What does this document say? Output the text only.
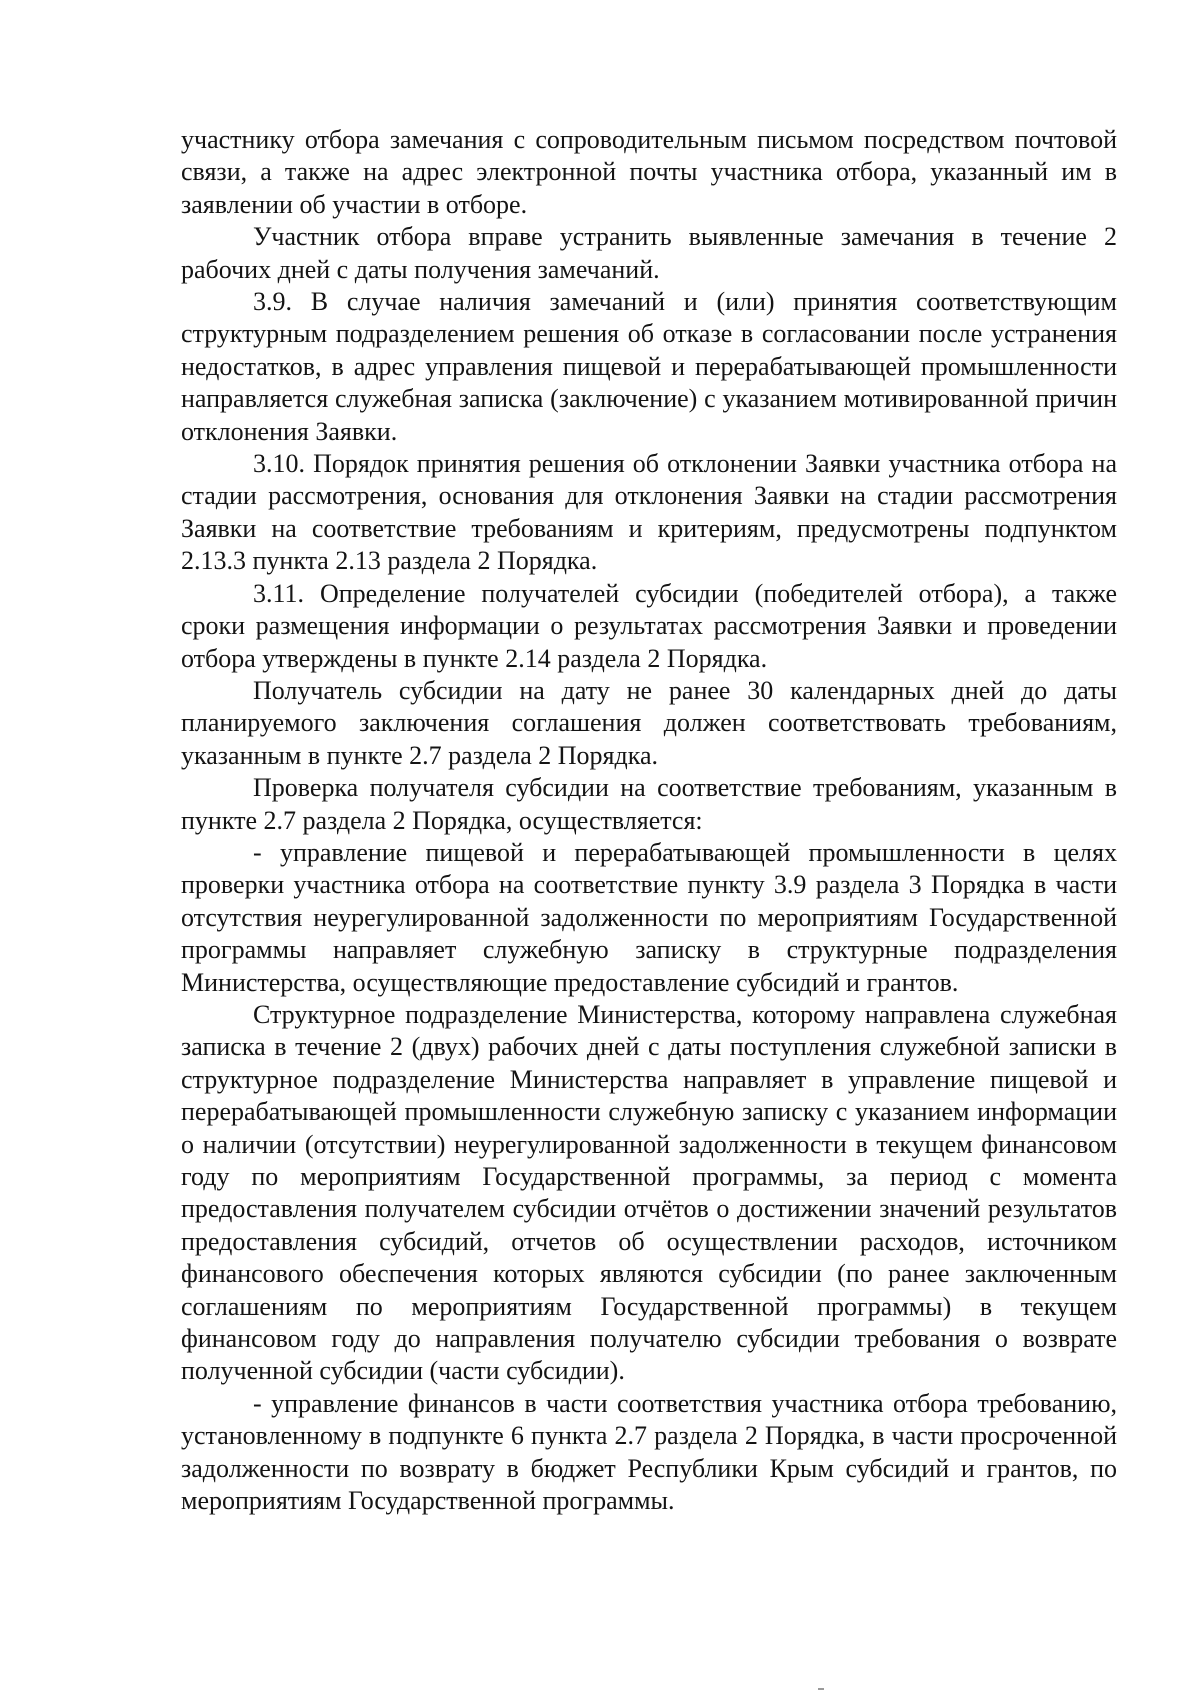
участнику отбора замечания с сопроводительным письмом посредством почтовой связи, а также на адрес электронной почты участника отбора, указанный им в заявлении об участии в отборе.

Участник отбора вправе устранить выявленные замечания в течение 2 рабочих дней с даты получения замечаний.

3.9. В случае наличия замечаний и (или) принятия соответствующим структурным подразделением решения об отказе в согласовании после устранения недостатков, в адрес управления пищевой и перерабатывающей промышленности направляется служебная записка (заключение) с указанием мотивированной причин отклонения Заявки.

3.10. Порядок принятия решения об отклонении Заявки участника отбора на стадии рассмотрения, основания для отклонения Заявки на стадии рассмотрения Заявки на соответствие требованиям и критериям, предусмотрены подпунктом 2.13.3 пункта 2.13 раздела 2 Порядка.

3.11. Определение получателей субсидии (победителей отбора), а также сроки размещения информации о результатах рассмотрения Заявки и проведении отбора утверждены в пункте 2.14 раздела 2 Порядка.

Получатель субсидии на дату не ранее 30 календарных дней до даты планируемого заключения соглашения должен соответствовать требованиям, указанным в пункте 2.7 раздела 2 Порядка.

Проверка получателя субсидии на соответствие требованиям, указанным в пункте 2.7 раздела 2 Порядка, осуществляется:

- управление пищевой и перерабатывающей промышленности в целях проверки участника отбора на соответствие пункту 3.9 раздела 3 Порядка в части отсутствия неурегулированной задолженности по мероприятиям Государственной программы направляет служебную записку в структурные подразделения Министерства, осуществляющие предоставление субсидий и грантов.

Структурное подразделение Министерства, которому направлена служебная записка в течение 2 (двух) рабочих дней с даты поступления служебной записки в структурное подразделение Министерства направляет в управление пищевой и перерабатывающей промышленности служебную записку с указанием информации о наличии (отсутствии) неурегулированной задолженности в текущем финансовом году по мероприятиям Государственной программы, за период с момента предоставления получателем субсидии отчётов о достижении значений результатов предоставления субсидий, отчетов об осуществлении расходов, источником финансового обеспечения которых являются субсидии (по ранее заключенным соглашениям по мероприятиям Государственной программы) в текущем финансовом году до направления получателю субсидии требования о возврате полученной субсидии (части субсидии).

- управление финансов в части соответствия участника отбора требованию, установленному в подпункте 6 пункта 2.7 раздела 2 Порядка, в части просроченной задолженности по возврату в бюджет Республики Крым субсидий и грантов, по мероприятиям Государственной программы.
